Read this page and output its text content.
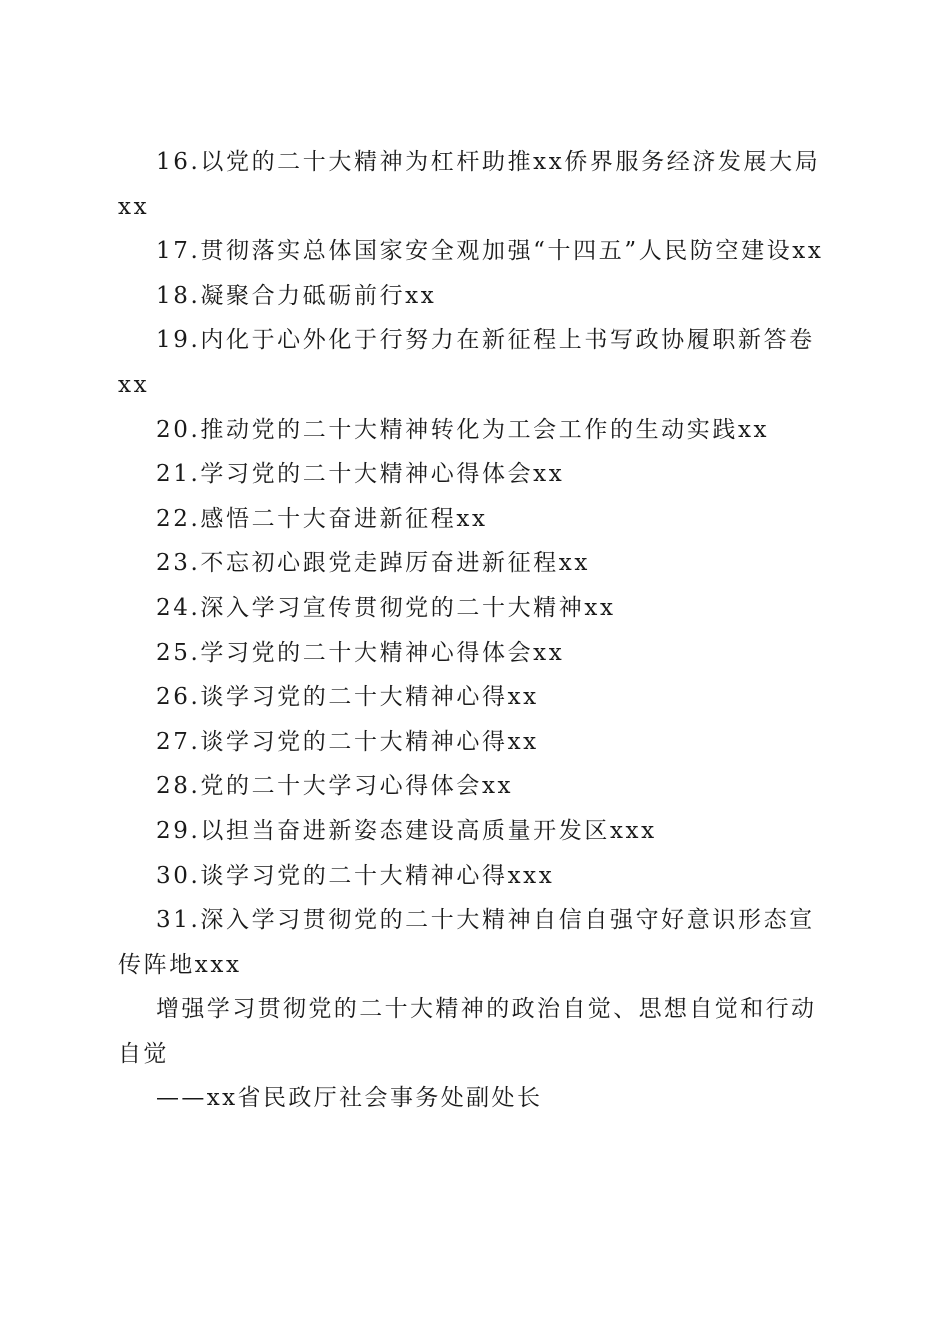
16.以党的二十大精神为杠杆助推xx侨界服务经济发展大局xx

17.贯彻落实总体国家安全观加强“十四五”人民防空建设xx

18.凝聚合力砥砺前行xx

19.内化于心外化于行努力在新征程上书写政协履职新答卷xx

20.推动党的二十大精神转化为工会工作的生动实践xx

21.学习党的二十大精神心得体会xx

22.感悟二十大奋进新征程xx

23.不忘初心跟党走踔厉奋进新征程xx

24.深入学习宣传贯彻党的二十大精神xx

25.学习党的二十大精神心得体会xx

26.谈学习党的二十大精神心得xx

27.谈学习党的二十大精神心得xx

28.党的二十大学习心得体会xx

29.以担当奋进新姿态建设高质量开发区xxx

30.谈学习党的二十大精神心得xxx

31.深入学习贯彻党的二十大精神自信自强守好意识形态宣传阵地xxx

增强学习贯彻党的二十大精神的政治自觉、思想自觉和行动自觉

——xx省民政厅社会事务处副处长
